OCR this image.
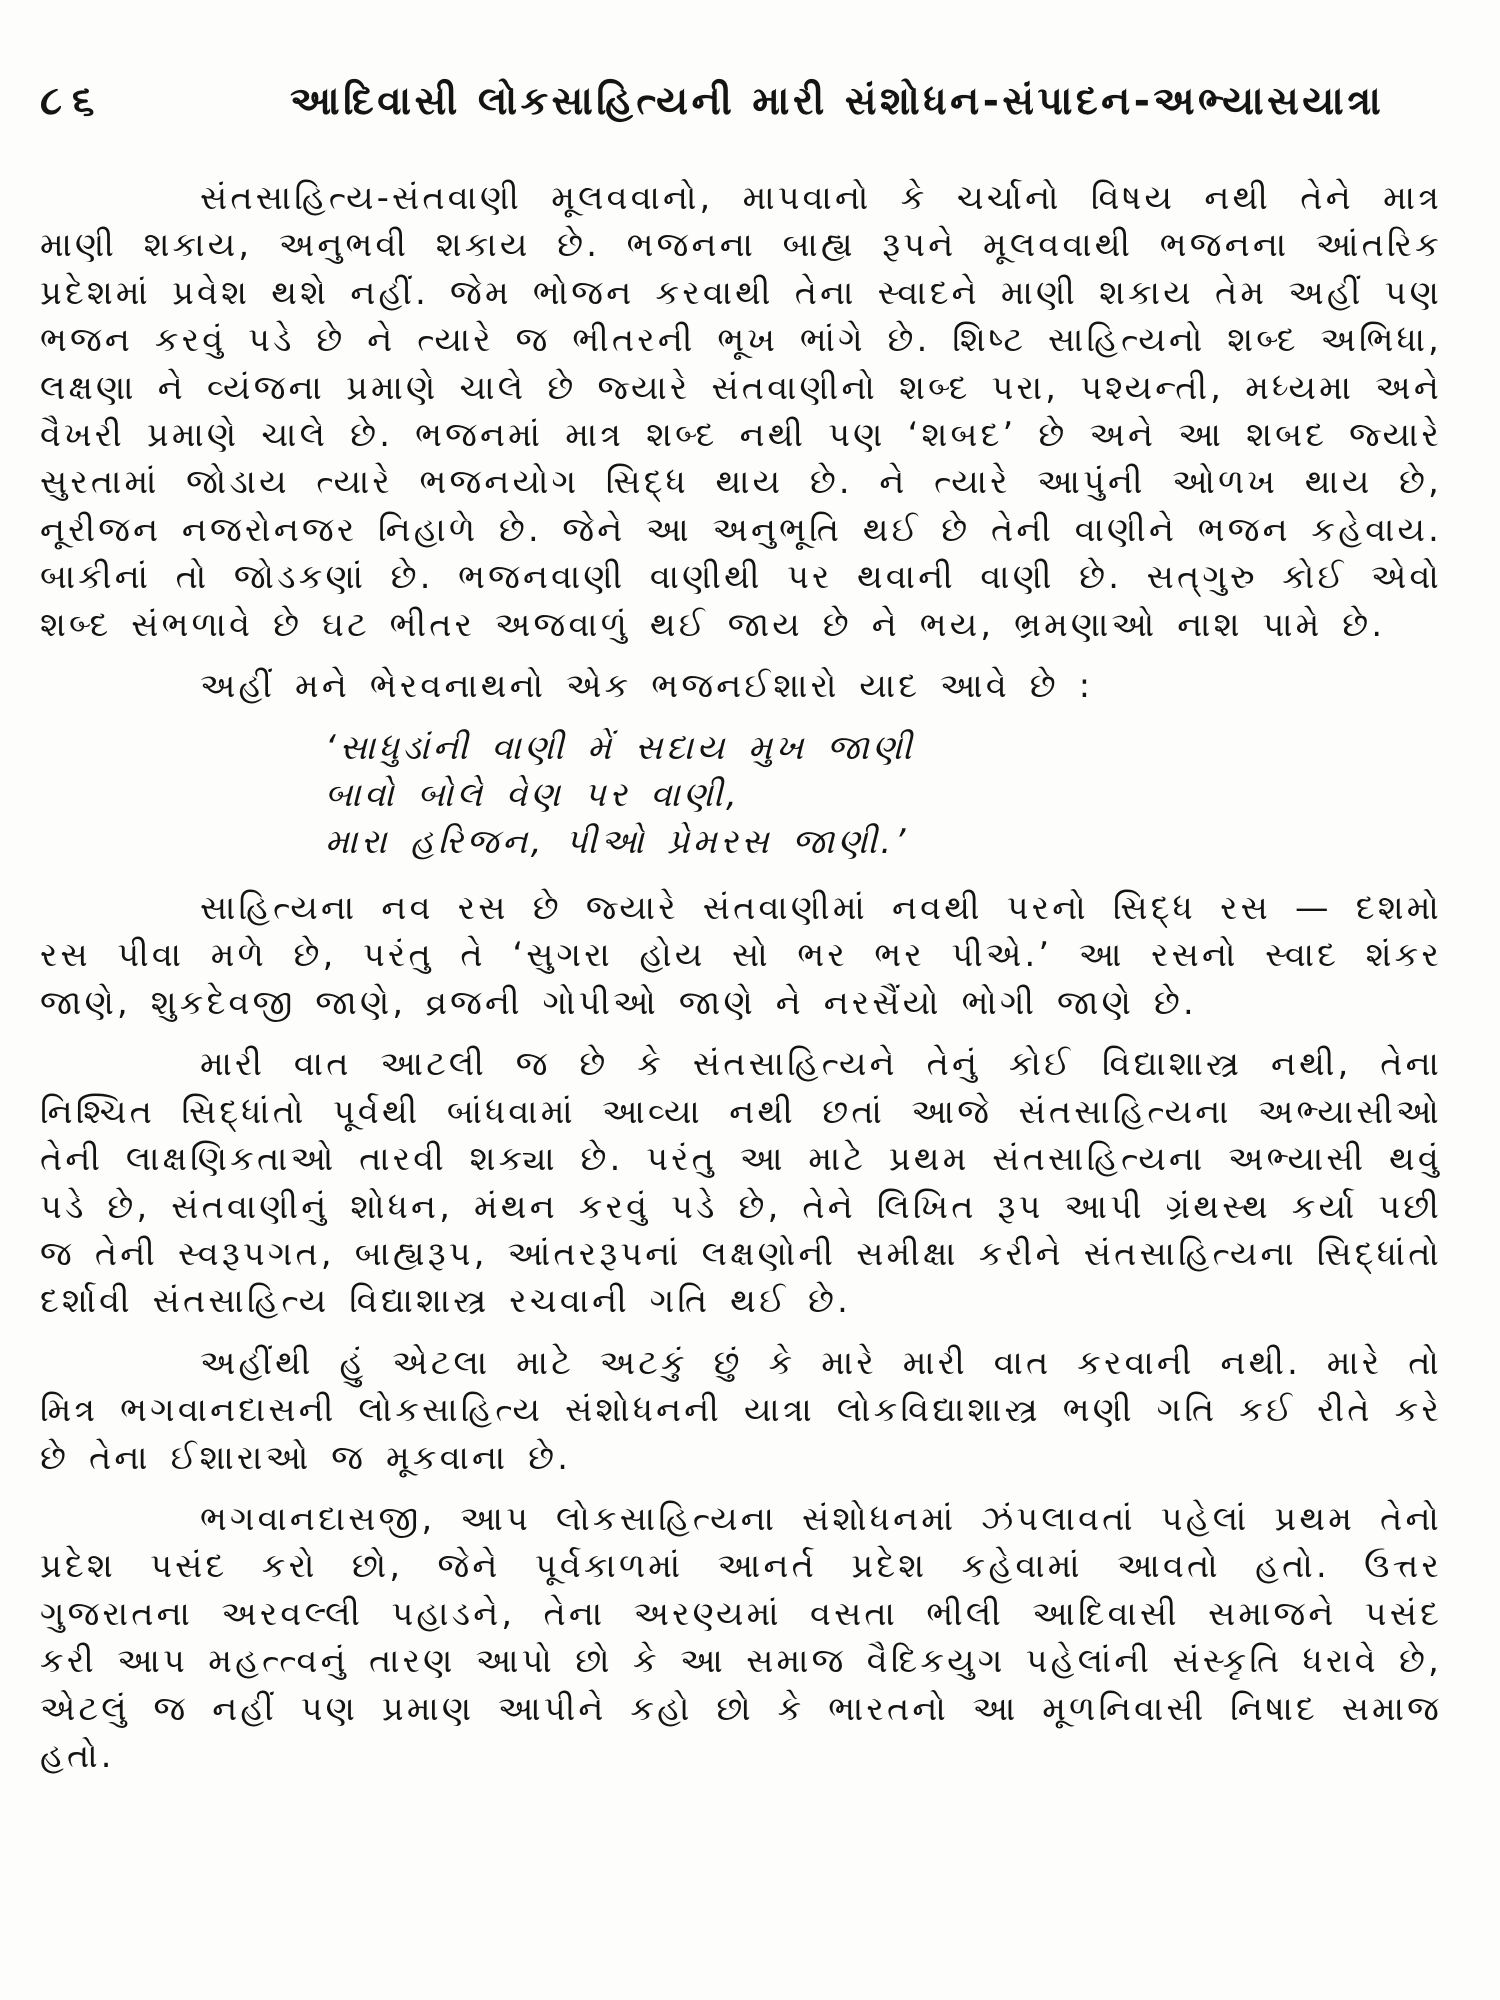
૮૬	આદિવાસી લોકસાહિત્યની મારી સંશોધન-સંપાદન-અભ્યાસયાત્રા

સંતસાહિત્ય-સંતવાણી મૂલવવાનો, માપવાનો કે ચર્ચાનો વિષય નથી તેને માત્ર માણી શકાય, અનુભવી શકાય છે. ભજનના બાહ્ય રૂપને મૂલવવાથી ભજનના આંતરિક પ્રદેશમાં પ્રવેશ થશે નહીં. જેમ ભોજન કરવાથી તેના સ્વાદને માણી શકાય તેમ અહીં પણ ભજન કરવું પડે છે ને ત્યારે જ ભીતરની ભૂખ ભાંગે છે. શિષ્ટ સાહિત્યનો શબ્દ અભિધા, લક્ષણા ને વ્યંજના પ્રમાણે ચાલે છે જ્યારે સંતવાણીનો શબ્દ પરા, પશ્યન્તી, મધ્યમા અને વૈખરી પ્રમાણે ચાલે છે. ભજનમાં માત્ર શબ્દ નથી પણ ‘શબદ’ છે અને આ શબદ જ્યારે સુરતામાં જોડાય ત્યારે ભજનયોગ સિદ્ધ થાય છે. ને ત્યારે આપુંની ઓળખ થાય છે, નૂરીજન નજરોનજર નિહાળે છે. જેને આ અનુભૂતિ થઈ છે તેની વાણીને ભજન કહેવાય. બાકીનાં તો જોડકણાં છે. ભજનવાણી વાણીથી પર થવાની વાણી છે. સત્‌ગુરુ કોઈ એવો શબ્દ સંભળાવે છે ઘટ ભીતર અજવાળું થઈ જાય છે ને ભય, ભ્રમણાઓ નાશ પામે છે.

અહીં મને ભેરવનાથનો એક ભજનઈશારો યાદ આવે છે :

‘સાધુડાંની વાણી મેં સદાય મુખ જાણી
બાવો બોલે વેણ પર વાણી,
મારા હરિજન, પીઓ પ્રેમરસ જાણી.’

સાહિત્યના નવ રસ છે જ્યારે સંતવાણીમાં નવથી પરનો સિદ્ધ રસ — દશમો રસ પીવા મળે છે, પરંતુ તે ‘સુગરા હોય સો ભર ભર પીએ.’ આ રસનો સ્વાદ શંકર જાણે, શુકદેવજી જાણે, વ્રજની ગોપીઓ જાણે ને નરસૈંયો ભોગી જાણે છે.

મારી વાત આટલી જ છે કે સંતસાહિત્યને તેનું કોઈ વિદ્યાશાસ્ત્ર નથી, તેના નિશ્ચિત સિદ્ધાંતો પૂર્વથી બાંધવામાં આવ્યા નથી છતાં આજે સંતસાહિત્યના અભ્યાસીઓ તેની લાક્ષણિકતાઓ તારવી શક્યા છે. પરંતુ આ માટે પ્રથમ સંતસાહિત્યના અભ્યાસી થવું પડે છે, સંતવાણીનું શોધન, મંથન કરવું પડે છે, તેને લિખિત રૂપ આપી ગ્રંથસ્થ કર્યા પછી જ તેની સ્વરૂપગત, બાહ્યરૂપ, આંતરરૂપનાં લક્ષણોની સમીક્ષા કરીને સંતસાહિત્યના સિદ્ધાંતો દર્શાવી સંતસાહિત્ય વિદ્યાશાસ્ત્ર રચવાની ગતિ થઈ છે.

અહીંથી હું એટલા માટે અટકું છું કે મારે મારી વાત કરવાની નથી. મારે તો મિત્ર ભગવાનદાસની લોકસાહિત્ય સંશોધનની યાત્રા લોકવિદ્યાશાસ્ત્ર ભણી ગતિ કઈ રીતે કરે છે તેના ઈશારાઓ જ મૂકવાના છે.

ભગવાનદાસજી, આપ લોકસાહિત્યના સંશોધનમાં ઝંપલાવતાં પહેલાં પ્રથમ તેનો પ્રદેશ પસંદ કરો છો, જેને પૂર્વકાળમાં આનર્ત પ્રદેશ કહેવામાં આવતો હતો. ઉત્તર ગુજરાતના અરવલ્લી પહાડને, તેના અરણ્યમાં વસતા ભીલી આદિવાસી સમાજને પસંદ કરી આપ મહત્ત્વનું તારણ આપો છો કે આ સમાજ વૈદિકયુગ પહેલાંની સંસ્કૃતિ ધરાવે છે, એટલું જ નહીં પણ પ્રમાણ આપીને કહો છો કે ભારતનો આ મૂળનિવાસી નિષાદ સમાજ હતો.
